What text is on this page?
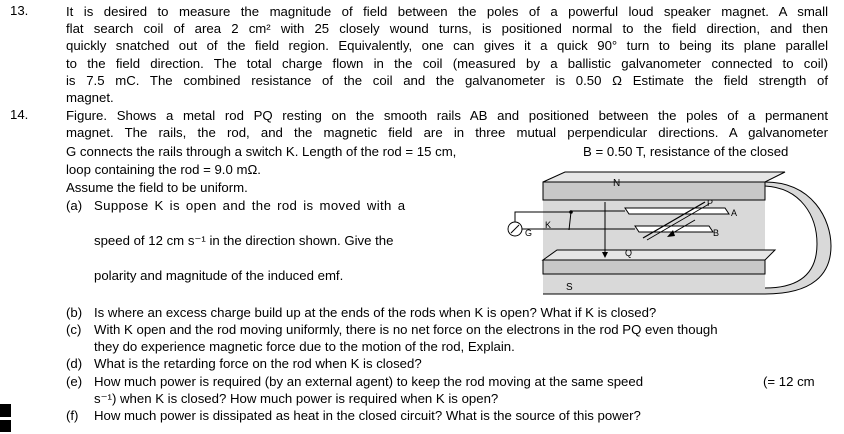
13.	It is desired to measure the magnitude of field between the poles of a powerful loud speaker magnet. A small
flat search coil of area 2 cm² with 25 closely wound turns, is positioned normal to the field direction, and then
quickly snatched out of the field region. Equivalently, one can gives it a quick 90° turn to being its plane parallel
to the field direction. The total charge flown in the coil (measured by a ballistic galvanometer connected to coil)
is 7.5 mC. The combined resistance of the coil and the galvanometer is 0.50 Ω Estimate the field strength of
magnet.
14.	Figure. Shows a metal rod PQ resting on the smooth rails AB and positioned between the poles of a permanent
magnet. The rails, the rod, and the magnetic field are in three mutual perpendicular directions. A galvanometer
G connects the rails through a switch K. Length of the rod = 15 cm,	B = 0.50 T, resistance of the closed
loop containing the rod = 9.0 mΩ.
Assume the field to be uniform.
(a) Suppose K is open and the rod is moved with a
speed of 12 cm s⁻¹ in the direction shown. Give the
polarity and magnitude of the induced emf.
N
S
P
A
B
Q
K
G
(b) Is where an excess charge build up at the ends of the rods when K is open? What if K is closed?
(c) With K open and the rod moving uniformly, there is no net force on the electrons in the rod PQ even though
they do experience magnetic force due to the motion of the rod, Explain.
(d) What is the retarding force on the rod when K is closed?
(e) How much power is required (by an external agent) to keep the rod moving at the same speed	(= 12 cm
s⁻¹) when K is closed? How much power is required when K is open?
(f) How much power is dissipated as heat in the closed circuit? What is the source of this power?
